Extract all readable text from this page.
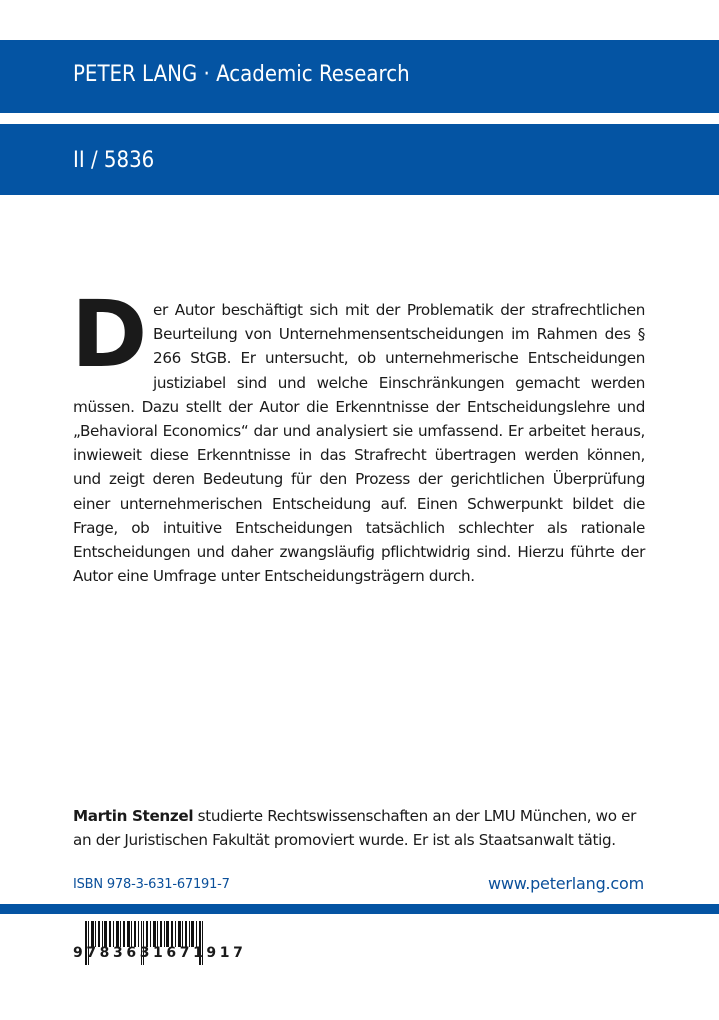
PETER LANG · Academic Research
II / 5836
Der Autor beschäftigt sich mit der Problematik der strafrechtlichen Beurteilung von Unternehmensentscheidungen im Rahmen des § 266 StGB. Er untersucht, ob unternehmerische Entscheidungen justiziabel sind und welche Einschränkungen gemacht werden müssen. Dazu stellt der Autor die Erkenntnisse der Entscheidungslehre und „Behavioral Economics“ dar und analysiert sie umfassend. Er arbeitet heraus, inwieweit diese Erkenntnisse in das Strafrecht übertragen werden können, und zeigt deren Bedeutung für den Prozess der gerichtlichen Überprüfung einer unternehmerischen Entscheidung auf. Einen Schwerpunkt bildet die Frage, ob intuitive Entscheidungen tatsächlich schlechter als rationale Entscheidungen und daher zwangsläufig pflichtwidrig sind. Hierzu führte der Autor eine Umfrage unter Entscheidungsträgern durch.
Martin Stenzel studierte Rechtswissenschaften an der LMU München, wo er an der Juristischen Fakultät promoviert wurde. Er ist als Staatsanwalt tätig.
ISBN 978-3-631-67191-7	www.peterlang.com
9783631671917
